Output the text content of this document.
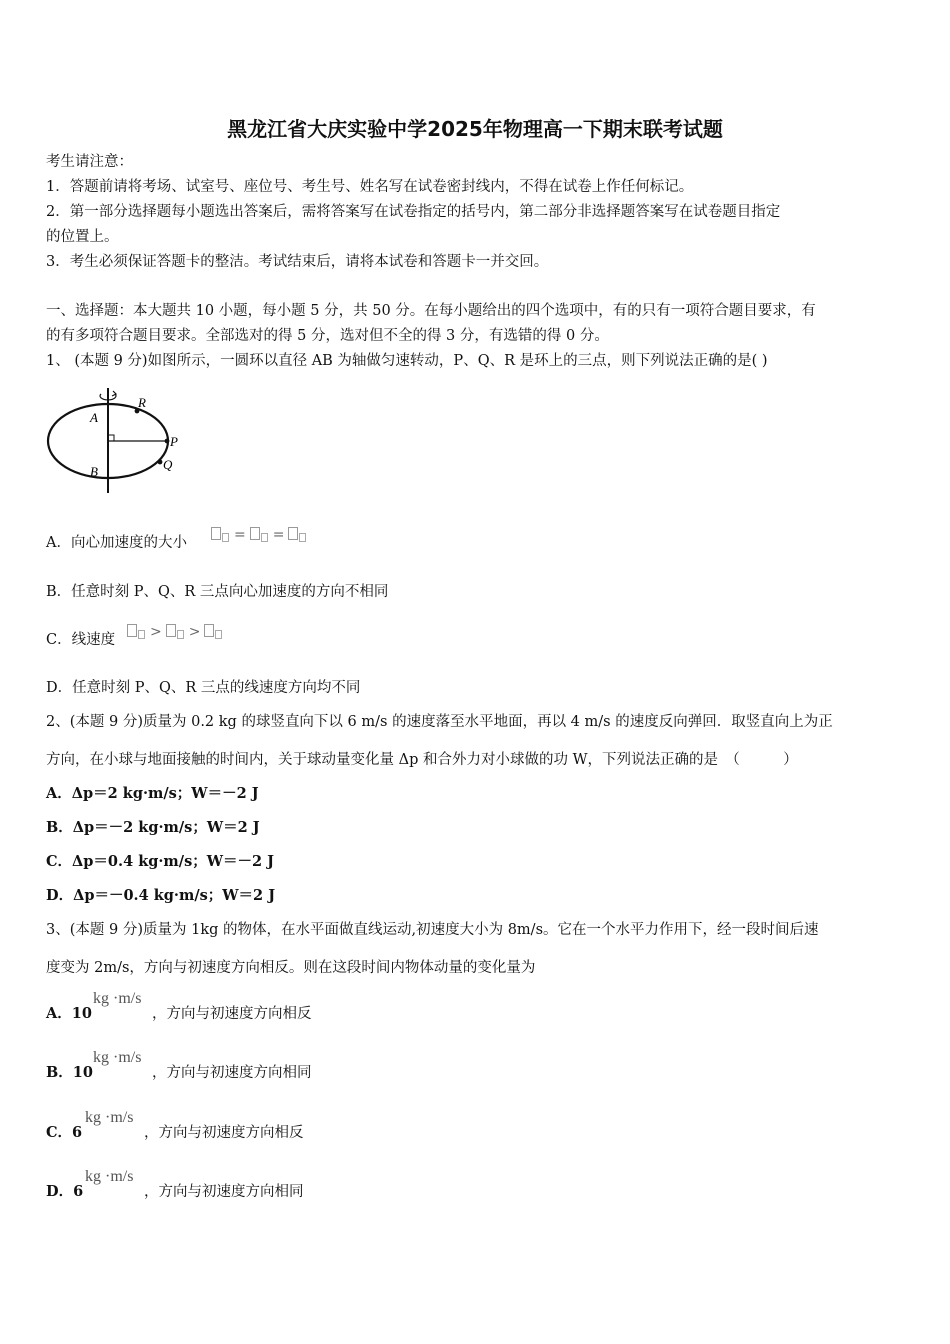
黑龙江省大庆实验中学2025年物理高一下期末联考试题
考生请注意：
1．答题前请将考场、试室号、座位号、考生号、姓名写在试卷密封线内，不得在试卷上作任何标记。
2．第一部分选择题每小题选出答案后，需将答案写在试卷指定的括号内，第二部分非选择题答案写在试卷题目指定
的位置上。
3．考生必须保证答题卡的整洁。考试结束后，请将本试卷和答题卡一并交回。
一、选择题：本大题共 10 小题，每小题 5 分，共 50 分。在每小题给出的四个选项中，有的只有一项符合题目要求，有
的有多项符合题目要求。全部选对的得 5 分，选对但不全的得 3 分，有选错的得 0 分。
1、 (本题 9 分)如图所示，一圆环以直径 AB 为轴做匀速转动，P、Q、R 是环上的三点，则下列说法正确的是( )
A
B
R
P
Q
A．向心加速度的大小	= =
B．任意时刻 P、Q、R 三点向心加速度的方向不相同
C．线速度	> >
D．任意时刻 P、Q、R 三点的线速度方向均不同
2、(本题 9 分)质量为 0.2 kg 的球竖直向下以 6 m/s 的速度落至水平地面，再以 4 m/s 的速度反向弹回．取竖直向上为正
方向，在小球与地面接触的时间内，关于球动量变化量 Δp 和合外力对小球做的功 W，下列说法正确的是　（　　　）
A．Δp＝2 kg·m/s；W＝－2 J
B．Δp＝－2 kg·m/s；W＝2 J
C．Δp＝0.4 kg·m/s；W＝－2 J
D．Δp＝－0.4 kg·m/s；W＝2 J
3、(本题 9 分)质量为 1kg 的物体，在水平面做直线运动,初速度大小为 8m/s。它在一个水平力作用下，经一段时间后速
度变为 2m/s，方向与初速度方向相反。则在这段时间内物体动量的变化量为
A．10
kg ·m/s
，方向与初速度方向相反
B．10
kg ·m/s
，方向与初速度方向相同
C．6
kg ·m/s
，方向与初速度方向相反
D．6
kg ·m/s
，方向与初速度方向相同
